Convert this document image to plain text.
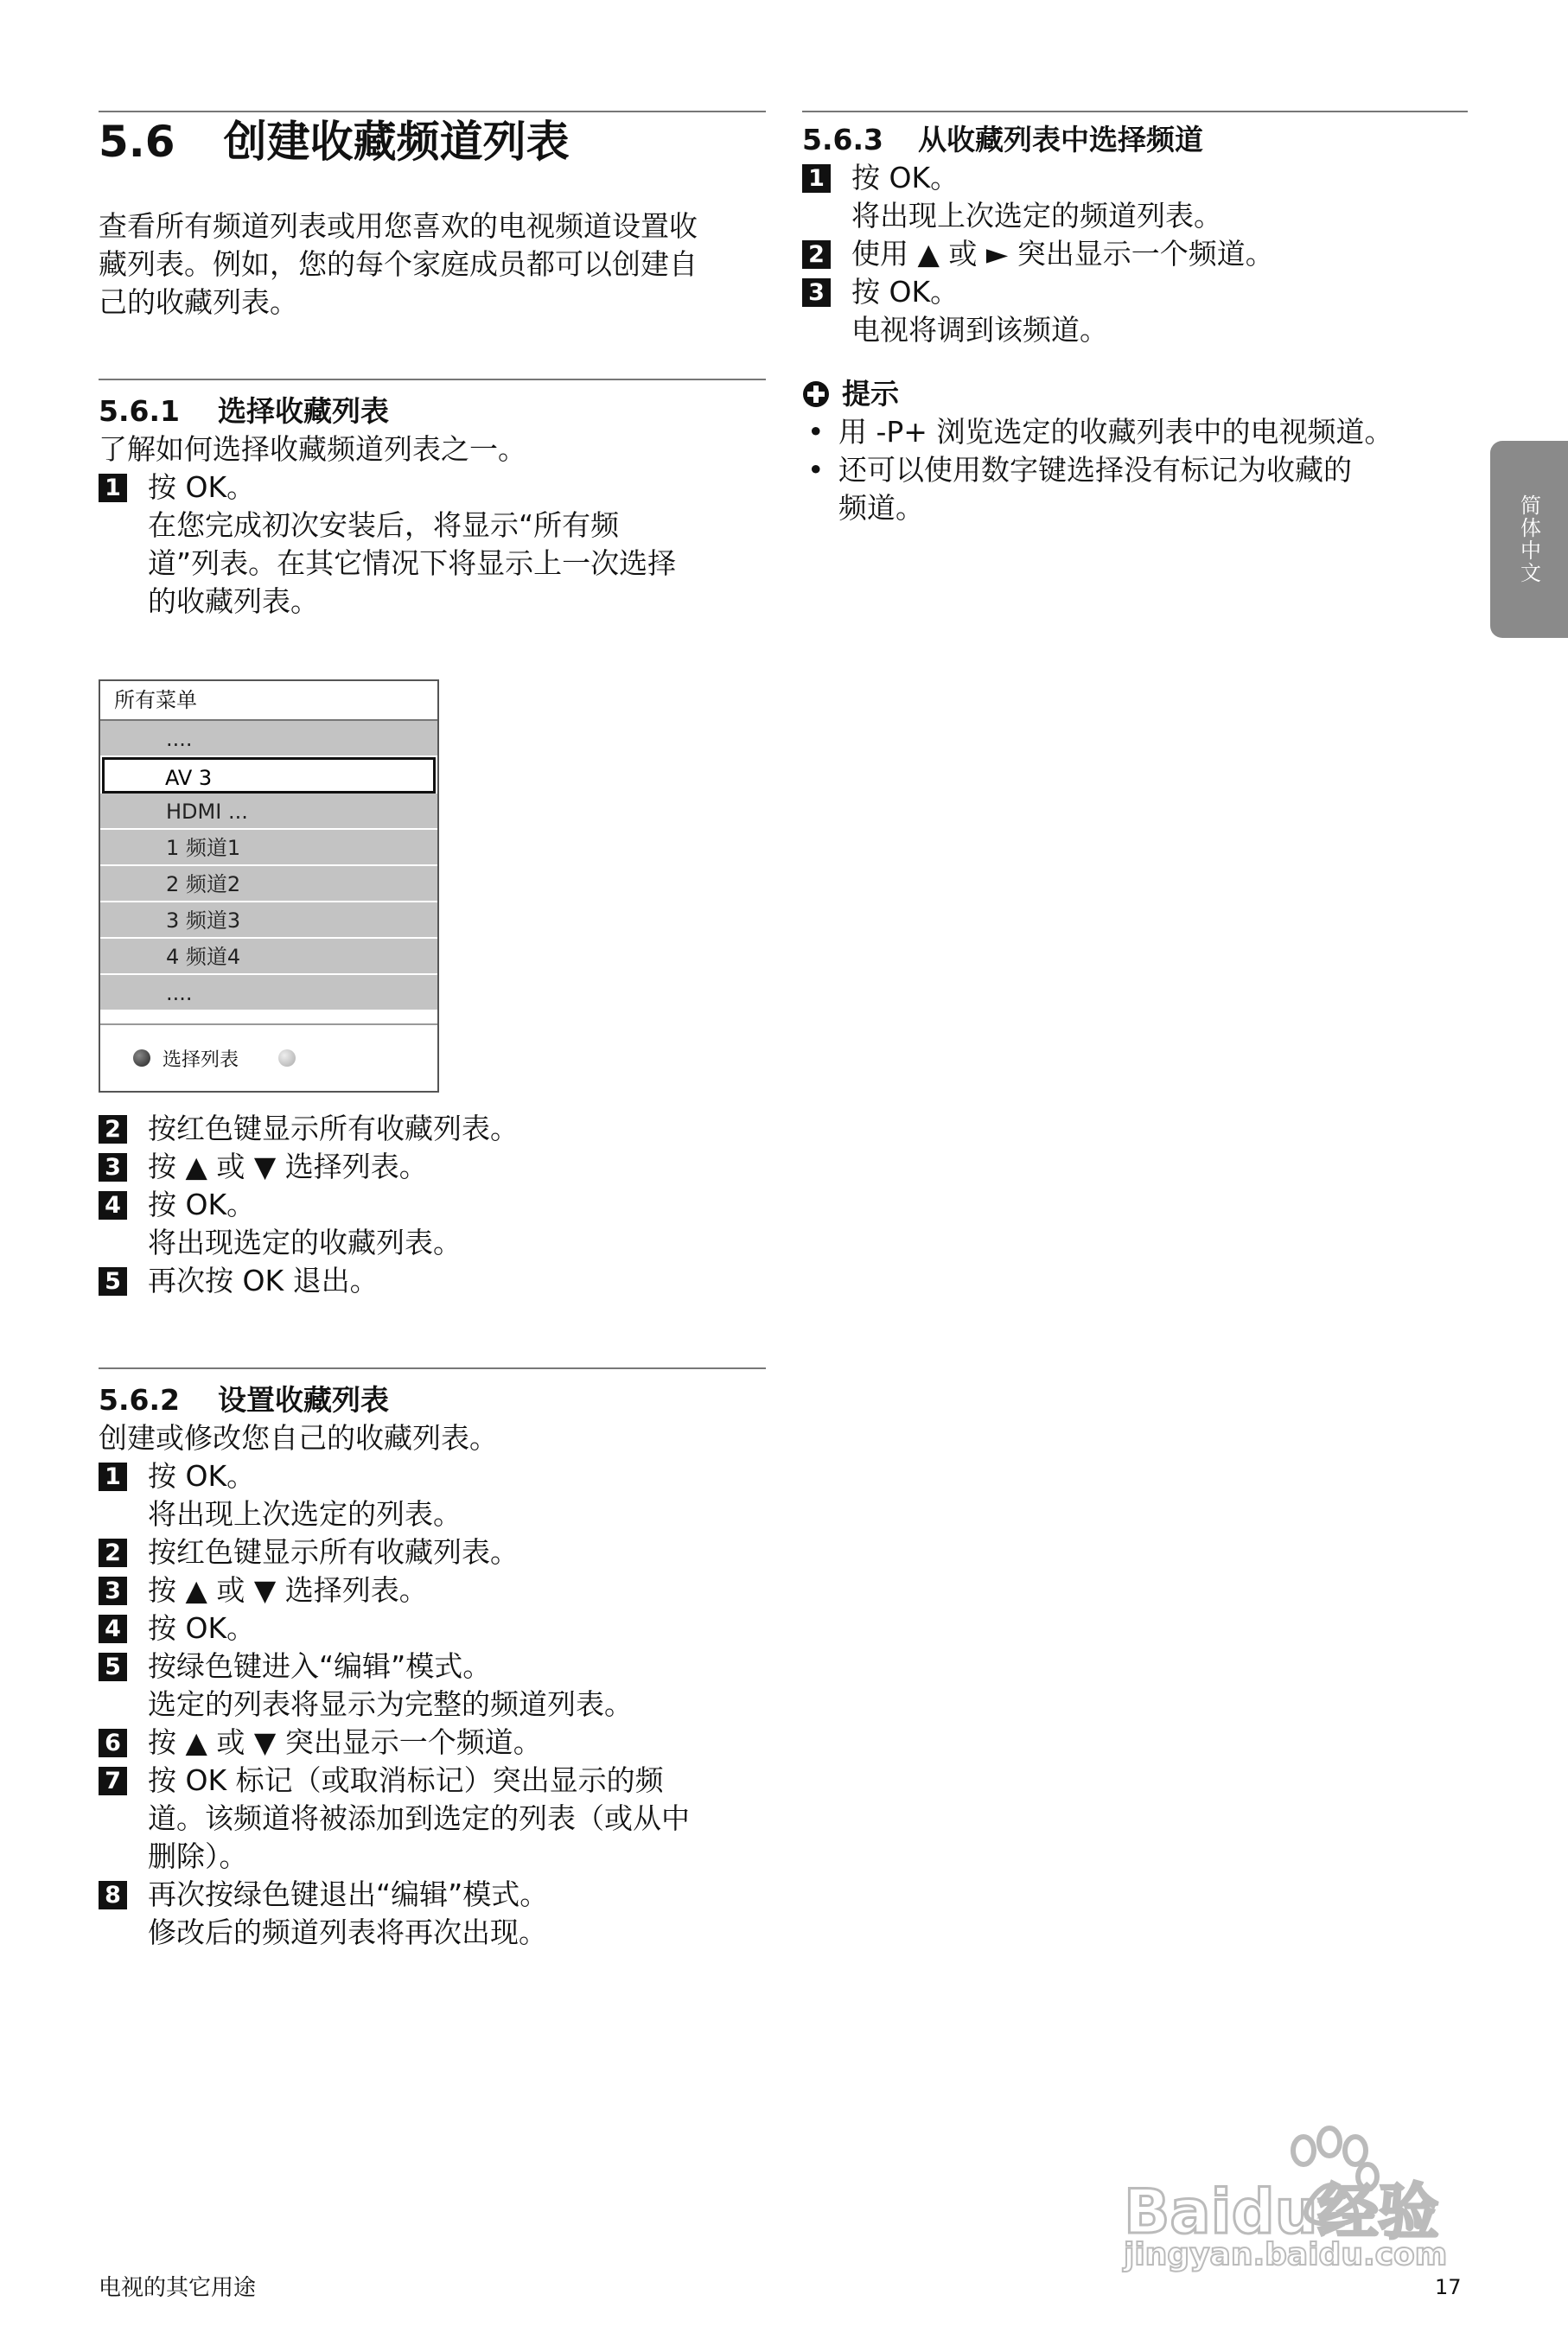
5.6 创建收藏频道列表

查看所有频道列表或用您喜欢的电视频道设置收

藏列表。例如，您的每个家庭成员都可以创建自

己的收藏列表。

5.6.1 选择收藏列表

了解如何选择收藏频道列表之一。

1 按 OK。
在您完成初次安装后，将显示“所有频
道”列表。在其它情况下将显示上一次选择
的收藏列表。
所有菜单
....
AV 3
HDMI ...
1 频道1
2 频道2
3 频道3
4 频道4
....
选择列表
2 按红色键显示所有收藏列表。
3 按 ▲ 或 ▼ 选择列表。
4 按 OK。
将出现选定的收藏列表。
5 再次按 OK 退出。
5.6.2 设置收藏列表

创建或修改您自己的收藏列表。

1 按 OK。
将出现上次选定的列表。
2 按红色键显示所有收藏列表。
3 按 ▲ 或 ▼ 选择列表。
4 按 OK。
5 按绿色键进入“编辑”模式。
选定的列表将显示为完整的频道列表。
6 按 ▲ 或 ▼ 突出显示一个频道。
7 按 OK 标记（或取消标记）突出显示的频
道。该频道将被添加到选定的列表（或从中
删除）。
8 再次按绿色键退出“编辑”模式。
修改后的频道列表将再次出现。
5.6.3 从收藏列表中选择频道
1 按 OK。
将出现上次选定的频道列表。
2 使用 ▲ 或 ► 突出显示一个频道。
3 按 OK。
电视将调到该频道。
提示
• 用 -P+ 浏览选定的收藏列表中的电视频道。
• 还可以使用数字键选择没有标记为收藏的
频道。	简体中文
Baidu经验
jingyan.baidu.com
电视的其它用途	17
